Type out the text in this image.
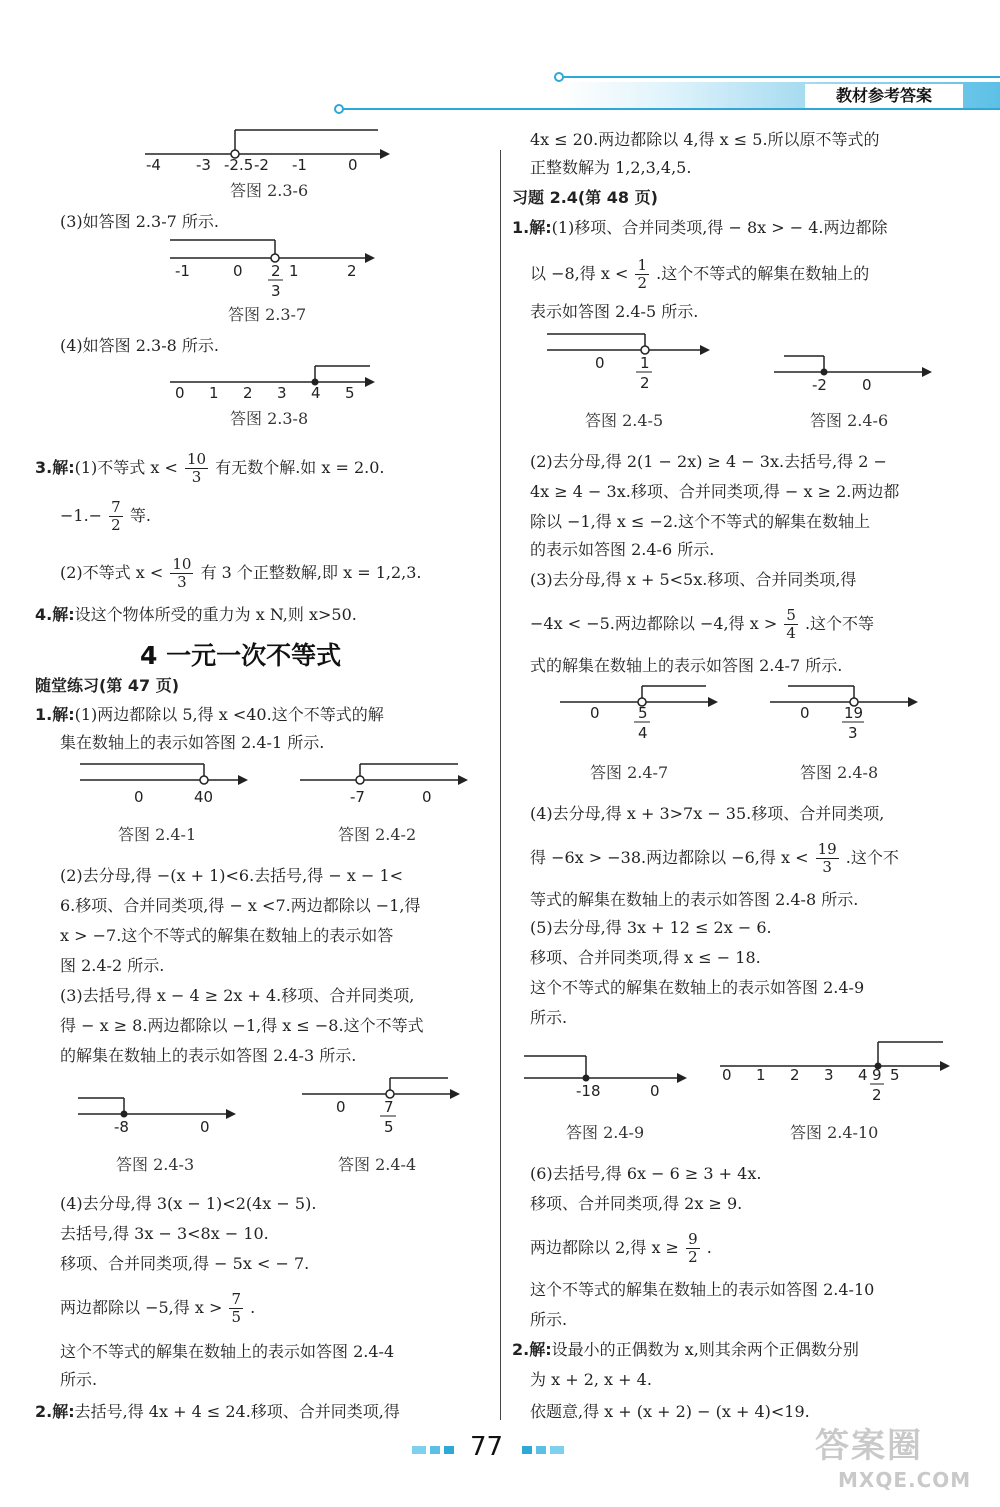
教材参考答案
-4 -3 -2.5 -2 -1	0
答图 2.3-6
(3)如答图 2.3-7 所示.
-1	0 2
3
1	2
答图 2.3-7
(4)如答图 2.3-8 所示.
0 1 2 3 4 5
答图 2.3-8
3.解:(1)不等式 $x < \frac{10}{3}$ 有无数个解.如 x = 2.0.
$-1.- \frac{7}{2}$ 等.
(2)不等式 $x < \frac{10}{3}$ 有 3 个正整数解,即 x = 1,2,3.
4.解:设这个物体所受的重力为 x N,则 x>50.
4 一元一次不等式
随堂练习(第 47 页)
1.解:(1)两边都除以 5,得 x <40.这个不等式的解
集在数轴上的表示如答图 2.4-1 所示.
0	40
答图 2.4-1
-7	0
答图 2.4-2
(2)去分母,得 −(x + 1)<6.去括号,得 − x − 1<
6.移项、合并同类项,得 − x <7.两边都除以 −1,得
x > −7.这个不等式的解集在数轴上的表示如答
图 2.4-2 所示.
(3)去括号,得 x − 4 ≥ 2x + 4.移项、合并同类项,
得 − x ≥ 8.两边都除以 −1,得 x ≤ −8.这个不等式
的解集在数轴上的表示如答图 2.4-3 所示.
-8	0
答图 2.4-3
0	7
5
答图 2.4-4
(4)去分母,得 3(x − 1)<2(4x − 5).
去括号,得 3x − 3<8x − 10.
移项、合并同类项,得 − 5x < − 7.
两边都除以 −5,得 $x > \frac{7}{5}$ .
这个不等式的解集在数轴上的表示如答图 2.4-4
所示.
2.解:去括号,得 4x + 4 ≤ 24.移项、合并同类项,得
4x ≤ 20.两边都除以 4,得 x ≤ 5.所以原不等式的
正整数解为 1,2,3,4,5.
习题 2.4(第 48 页)
1.解:(1)移项、合并同类项,得 − 8x > − 4.两边都除
以 −8,得 $x < \frac{1}{2}$ .这个不等式的解集在数轴上的
表示如答图 2.4-5 所示.
0 1
2
答图 2.4-5
-2 0
答图 2.4-6
(2)去分母,得 2(1 − 2x) ≥ 4 − 3x.去括号,得 2 −
4x ≥ 4 − 3x.移项、合并同类项,得 − x ≥ 2.两边都
除以 −1,得 x ≤ −2.这个不等式的解集在数轴上
的表示如答图 2.4-6 所示.
(3)去分母,得 x + 5<5x.移项、合并同类项,得
−4x < −5.两边都除以 −4,得 $x > \frac{5}{4}$ .这个不等
式的解集在数轴上的表示如答图 2.4-7 所示.
0	5
4
答图 2.4-7
0 19
3
答图 2.4-8
(4)去分母,得 x + 3>7x − 35.移项、合并同类项,
得 −6x > −38.两边都除以 −6,得 $x < \frac{19}{3}$ .这个不
等式的解集在数轴上的表示如答图 2.4-8 所示.
(5)去分母,得 3x + 12 ≤ 2x − 6.
移项、合并同类项,得 x ≤ − 18.
这个不等式的解集在数轴上的表示如答图 2.4-9
所示.
-18	0
答图 2.4-9
0 1 2 3 4 5
9
2
答图 2.4-10
(6)去括号,得 6x − 6 ≥ 3 + 4x.
移项、合并同类项,得 2x ≥ 9.
两边都除以 2,得 $x \ge \frac{9}{2}$ .
这个不等式的解集在数轴上的表示如答图 2.4-10
所示.
2.解:设最小的正偶数为 x,则其余两个正偶数分别
为 x + 2, x + 4.
依题意,得 x + (x + 2) − (x + 4)<19.
77	答案圈
MXQE.COM
